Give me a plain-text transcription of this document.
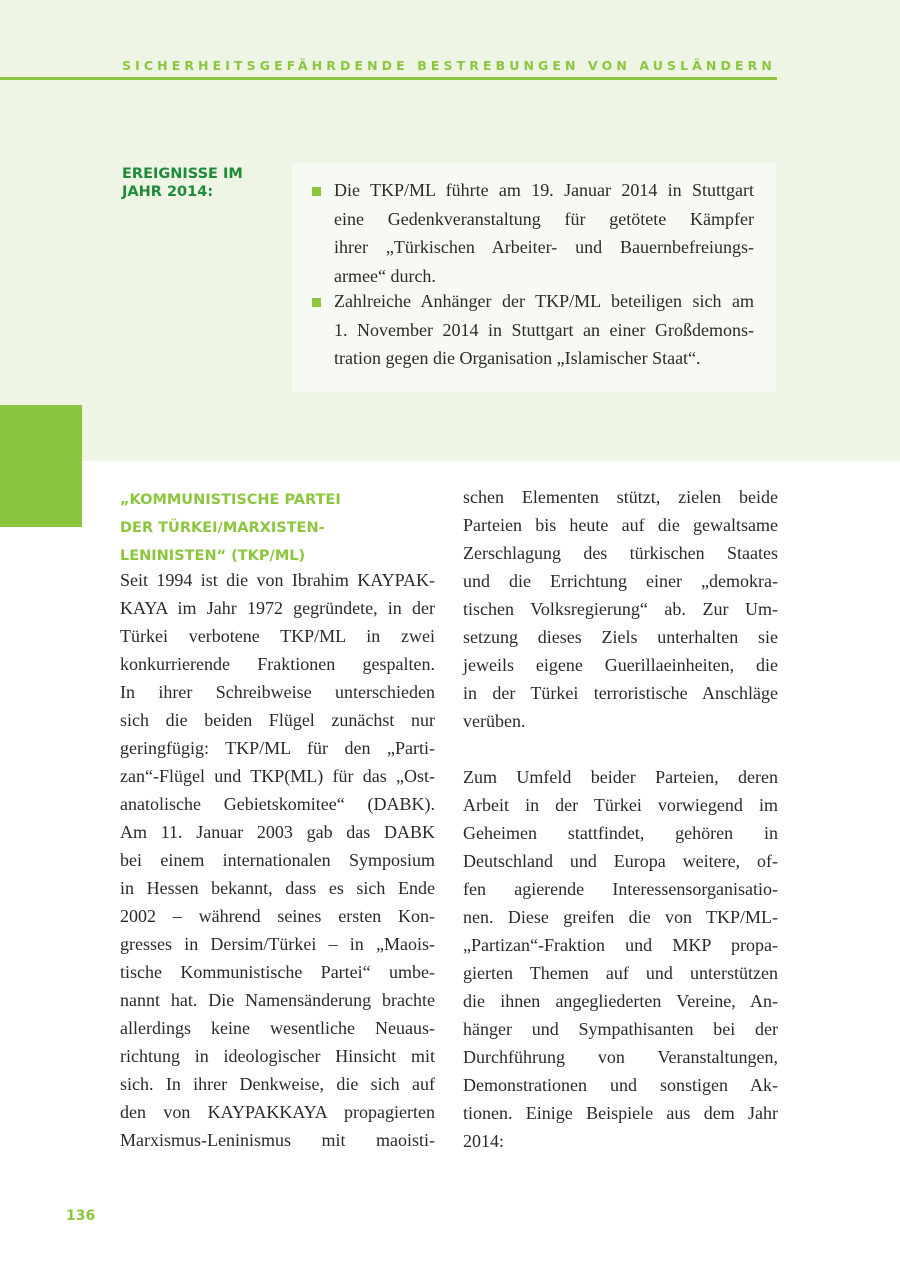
SICHERHEITSGEFÄHRDENDE BESTREBUNGEN VON AUSLÄNDERN
EREIGNISSE IM
JAHR 2014:	Die TKP/ML führte am 19. Januar 2014 in Stuttgart
eine Gedenkveranstaltung für getötete Kämpfer
ihrer „Türkischen Arbeiter- und Bauernbefreiungs-
armee“ durch.
Zahlreiche Anhänger der TKP/ML beteiligen sich am
1. November 2014 in Stuttgart an einer Großdemons-
tration gegen die Organisation „Islamischer Staat“.
„KOMMUNISTISCHE PARTEI
DER TÜRKEI/MARXISTEN-
LENINISTEN“ (TKP/ML)
Seit 1994 ist die von Ibrahim KAYPAK-
KAYA im Jahr 1972 gegründete, in der
Türkei verbotene TKP/ML in zwei
konkurrierende Fraktionen gespalten.
In ihrer Schreibweise unterschieden
sich die beiden Flügel zunächst nur
geringfügig: TKP/ML für den „Parti-
zan“-Flügel und TKP(ML) für das „Ost-
anatolische Gebietskomitee“ (DABK).
Am 11. Januar 2003 gab das DABK
bei einem internationalen Symposium
in Hessen bekannt, dass es sich Ende
2002 – während seines ersten Kon-
gresses in Dersim/Türkei – in „Maois-
tische Kommunistische Partei“ umbe-
nannt hat. Die Namensänderung brachte
allerdings keine wesentliche Neuaus-
richtung in ideologischer Hinsicht mit
sich. In ihrer Denkweise, die sich auf
den von KAYPAKKAYA propagierten
Marxismus-Leninismus mit maoisti-
schen Elementen stützt, zielen beide
Parteien bis heute auf die gewaltsame
Zerschlagung des türkischen Staates
und die Errichtung einer „demokra-
tischen Volksregierung“ ab. Zur Um-
setzung dieses Ziels unterhalten sie
jeweils eigene Guerillaeinheiten, die
in der Türkei terroristische Anschläge
verüben.
Zum Umfeld beider Parteien, deren
Arbeit in der Türkei vorwiegend im
Geheimen stattfindet, gehören in
Deutschland und Europa weitere, of-
fen agierende Interessensorganisatio-
nen. Diese greifen die von TKP/ML-
„Partizan“-Fraktion und MKP propa-
gierten Themen auf und unterstützen
die ihnen angegliederten Vereine, An-
hänger und Sympathisanten bei der
Durchführung von Veranstaltungen,
Demonstrationen und sonstigen Ak-
tionen. Einige Beispiele aus dem Jahr
2014:
136
